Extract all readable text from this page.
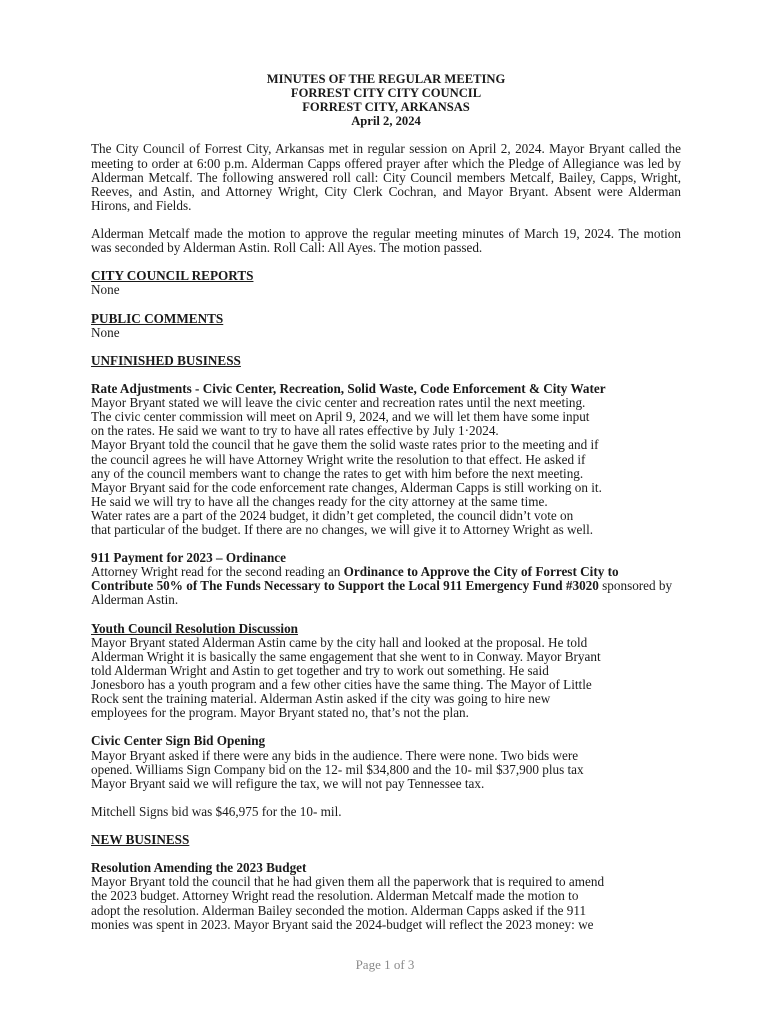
MINUTES OF THE REGULAR MEETING

FORREST CITY CITY COUNCIL

FORREST CITY, ARKANSAS

April 2, 2024

The City Council of Forrest City, Arkansas met in regular session on April 2, 2024. Mayor Bryant called the meeting to order at 6:00 p.m. Alderman Capps offered prayer after which the Pledge of Allegiance was led by Alderman Metcalf. The following answered roll call: City Council members Metcalf, Bailey, Capps, Wright, Reeves, and Astin, and Attorney Wright, City Clerk Cochran, and Mayor Bryant. Absent were Alderman Hirons, and Fields.

Alderman Metcalf made the motion to approve the regular meeting minutes of March 19, 2024. The motion was seconded by Alderman Astin. Roll Call: All Ayes. The motion passed.

CITY COUNCIL REPORTS

None

PUBLIC COMMENTS

None

UNFINISHED BUSINESS

Rate Adjustments - Civic Center, Recreation, Solid Waste, Code Enforcement & City Water

Mayor Bryant stated we will leave the civic center and recreation rates until the next meeting.

The civic center commission will meet on April 9, 2024, and we will let them have some input

on the rates. He said we want to try to have all rates effective by July 1·2024.

Mayor Bryant told the council that he gave them the solid waste rates prior to the meeting and if

the council agrees he will have Attorney Wright write the resolution to that effect. He asked if

any of the council members want to change the rates to get with him before the next meeting.

Mayor Bryant said for the code enforcement rate changes, Alderman Capps is still working on it.

He said we will try to have all the changes ready for the city attorney at the same time.

Water rates are a part of the 2024 budget, it didn’t get completed, the council didn’t vote on

that particular of the budget. If there are no changes, we will give it to Attorney Wright as well.

911 Payment for 2023 – Ordinance

Attorney Wright read for the second reading an Ordinance to Approve the City of Forrest City to Contribute 50% of The Funds Necessary to Support the Local 911 Emergency Fund #3020 sponsored by Alderman Astin.

Youth Council Resolution Discussion

Mayor Bryant stated Alderman Astin came by the city hall and looked at the proposal. He told

Alderman Wright it is basically the same engagement that she went to in Conway. Mayor Bryant

told Alderman Wright and Astin to get together and try to work out something. He said

Jonesboro has a youth program and a few other cities have the same thing. The Mayor of Little

Rock sent the training material. Alderman Astin asked if the city was going to hire new

employees for the program. Mayor Bryant stated no, that’s not the plan.

Civic Center Sign Bid Opening

Mayor Bryant asked if there were any bids in the audience. There were none. Two bids were

opened. Williams Sign Company bid on the 12- mil $34,800 and the 10- mil $37,900 plus tax

Mayor Bryant said we will refigure the tax, we will not pay Tennessee tax.

Mitchell Signs bid was $46,975 for the 10- mil.

NEW BUSINESS

Resolution Amending the 2023 Budget

Mayor Bryant told the council that he had given them all the paperwork that is required to amend

the 2023 budget. Attorney Wright read the resolution. Alderman Metcalf made the motion to

adopt the resolution. Alderman Bailey seconded the motion. Alderman Capps asked if the 911

monies was spent in 2023. Mayor Bryant said the 2024-budget will reflect the 2023 money: we

Page 1 of 3
